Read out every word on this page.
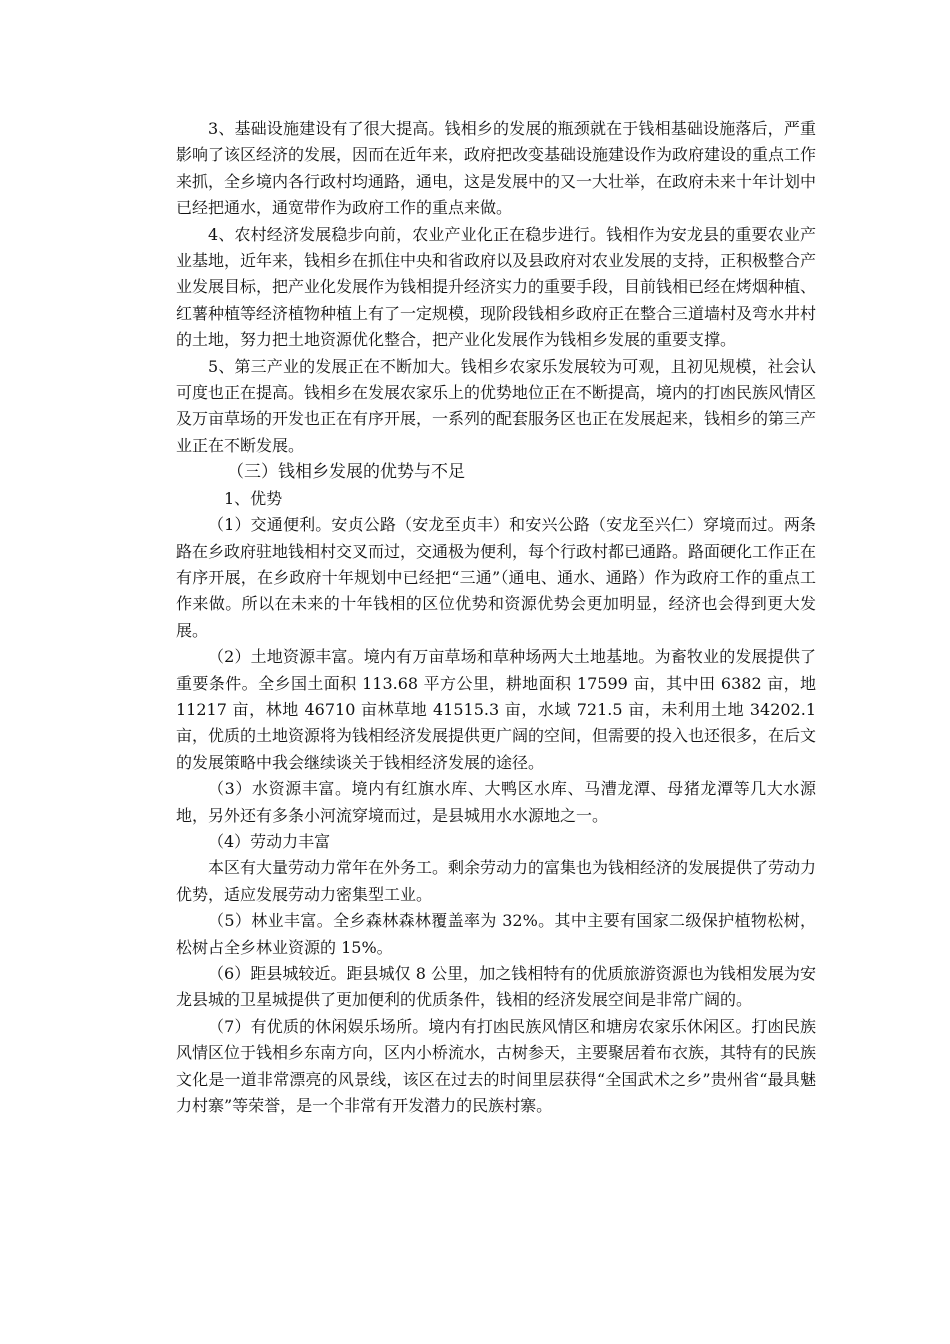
3、基础设施建设有了很大提高。钱相乡的发展的瓶颈就在于钱相基础设施落后，严重影响了该区经济的发展，因而在近年来，政府把改变基础设施建设作为政府建设的重点工作来抓，全乡境内各行政村均通路，通电，这是发展中的又一大壮举，在政府未来十年计划中已经把通水，通宽带作为政府工作的重点来做。

4、农村经济发展稳步向前，农业产业化正在稳步进行。钱相作为安龙县的重要农业产业基地，近年来，钱相乡在抓住中央和省政府以及县政府对农业发展的支持，正积极整合产业发展目标，把产业化发展作为钱相提升经济实力的重要手段，目前钱相已经在烤烟种植、红薯种植等经济植物种植上有了一定规模，现阶段钱相乡政府正在整合三道墙村及弯水井村的土地，努力把土地资源优化整合，把产业化发展作为钱相乡发展的重要支撑。

5、第三产业的发展正在不断加大。钱相乡农家乐发展较为可观，且初见规模，社会认可度也正在提高。钱相乡在发展农家乐上的优势地位正在不断提高，境内的打凼民族风情区及万亩草场的开发也正在有序开展，一系列的配套服务区也正在发展起来，钱相乡的第三产业正在不断发展。

（三）钱相乡发展的优势与不足

1、优势

（1）交通便利。安贞公路（安龙至贞丰）和安兴公路（安龙至兴仁）穿境而过。两条路在乡政府驻地钱相村交叉而过，交通极为便利，每个行政村都已通路。路面硬化工作正在有序开展，在乡政府十年规划中已经把“三通”（通电、通水、通路）作为政府工作的重点工作来做。所以在未来的十年钱相的区位优势和资源优势会更加明显，经济也会得到更大发展。

（2）土地资源丰富。境内有万亩草场和草种场两大土地基地。为畜牧业的发展提供了重要条件。全乡国土面积 113.68 平方公里，耕地面积 17599 亩，其中田 6382 亩，地 11217 亩，林地 46710 亩林草地 41515.3 亩，水域 721.5 亩，未利用土地 34202.1 亩，优质的土地资源将为钱相经济发展提供更广阔的空间，但需要的投入也还很多，在后文的发展策略中我会继续谈关于钱相经济发展的途径。

（3）水资源丰富。境内有红旗水库、大鸭区水库、马漕龙潭、母猪龙潭等几大水源地，另外还有多条小河流穿境而过，是县城用水水源地之一。

（4）劳动力丰富

本区有大量劳动力常年在外务工。剩余劳动力的富集也为钱相经济的发展提供了劳动力优势，适应发展劳动力密集型工业。

（5）林业丰富。全乡森林森林覆盖率为 32%。其中主要有国家二级保护植物松树，松树占全乡林业资源的 15%。

（6）距县城较近。距县城仅 8 公里，加之钱相特有的优质旅游资源也为钱相发展为安龙县城的卫星城提供了更加便利的优质条件，钱相的经济发展空间是非常广阔的。

（7）有优质的休闲娱乐场所。境内有打凼民族风情区和塘房农家乐休闲区。打凼民族风情区位于钱相乡东南方向，区内小桥流水，古树参天，主要聚居着布衣族，其特有的民族文化是一道非常漂亮的风景线，该区在过去的时间里层获得“全国武术之乡”贵州省“最具魅力村寨”等荣誉，是一个非常有开发潜力的民族村寨。
